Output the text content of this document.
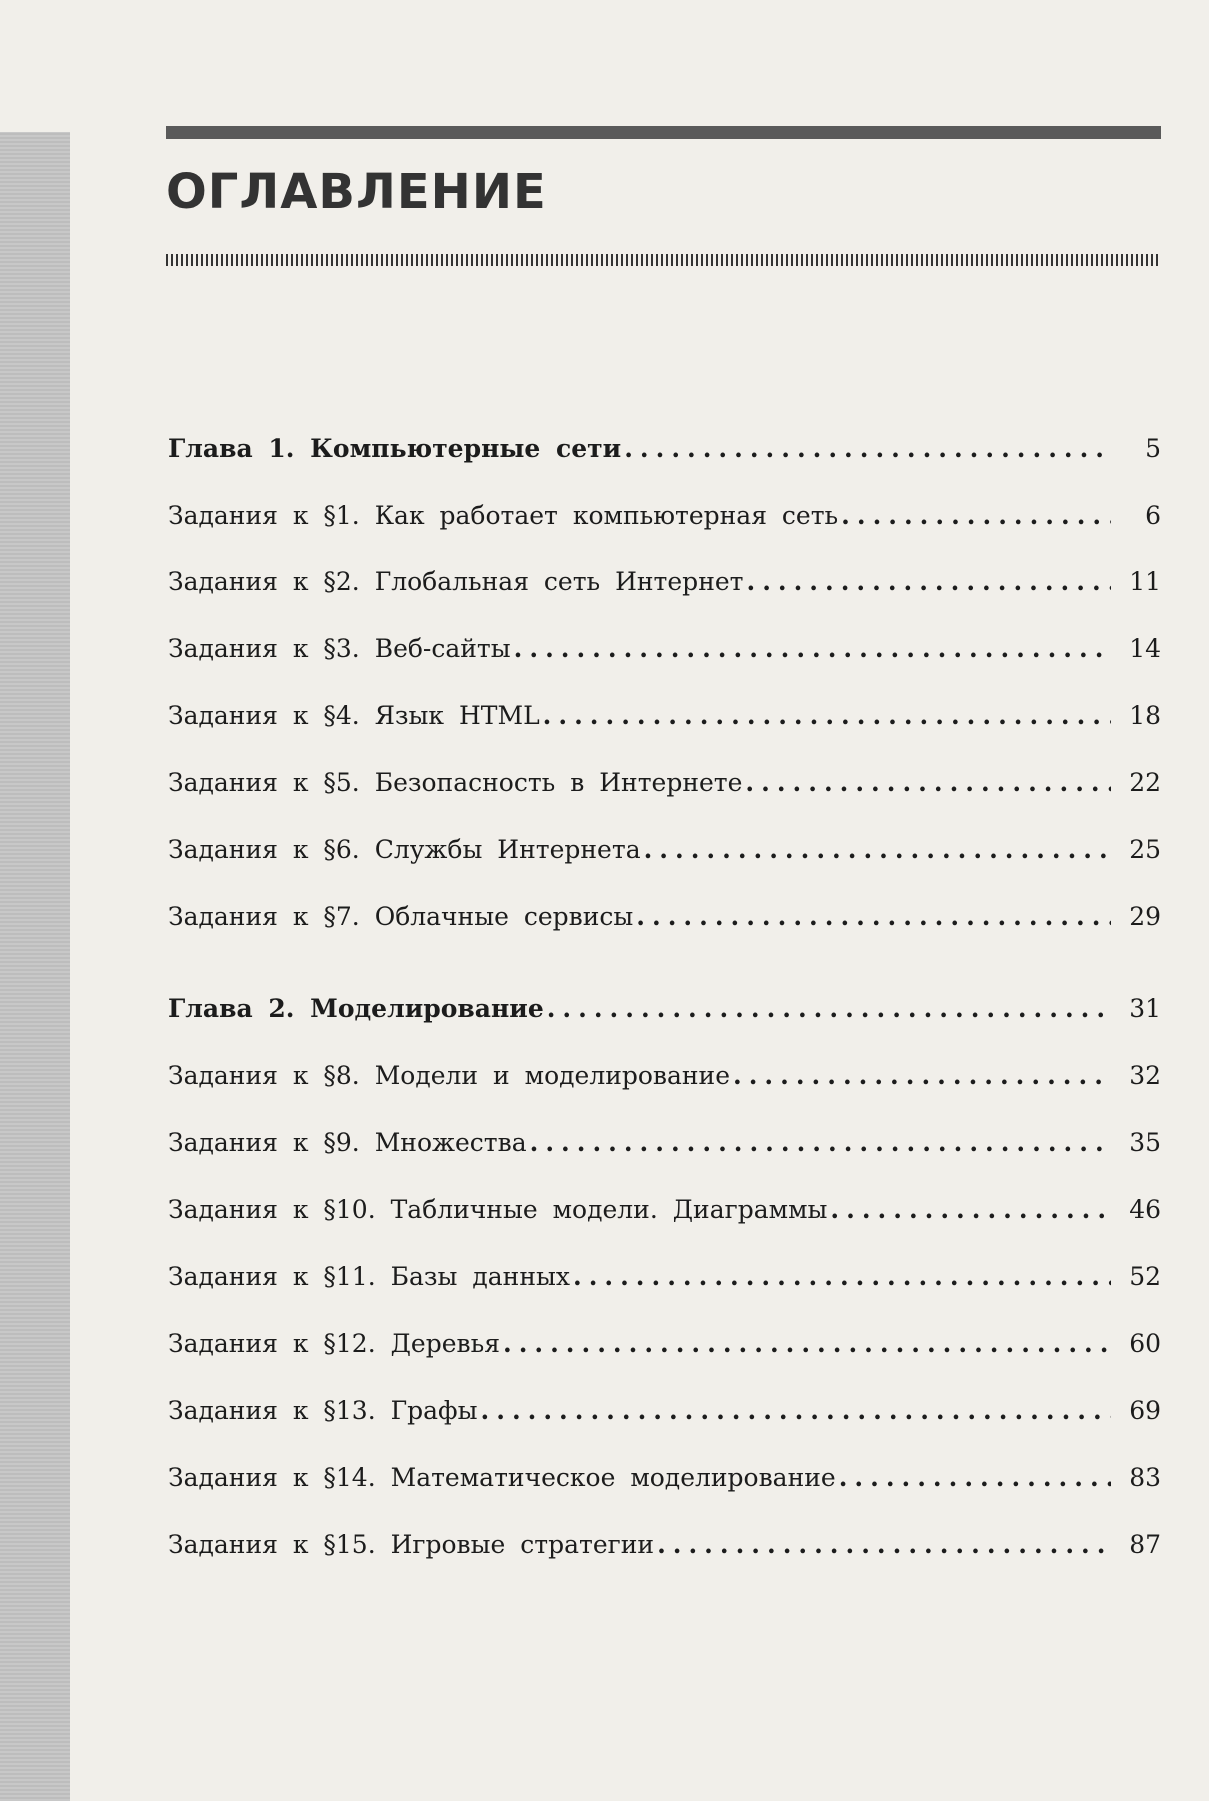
ОГЛАВЛЕНИЕ
Глава 1. Компьютерные сети .....	5
Задания к §1. Как работает компьютерная сеть .....	6
Задания к §2. Глобальная сеть Интернет .....	11
Задания к §3. Веб-сайты .....	14
Задания к §4. Язык HTML .....	18
Задания к §5. Безопасность в Интернете .....	22
Задания к §6. Службы Интернета .....	25
Задания к §7. Облачные сервисы .....	29
Глава 2. Моделирование .....	31
Задания к §8. Модели и моделирование .....	32
Задания к §9. Множества .....	35
Задания к §10. Табличные модели. Диаграммы .....	46
Задания к §11. Базы данных .....	52
Задания к §12. Деревья .....	60
Задания к §13. Графы .....	69
Задания к §14. Математическое моделирование .....	83
Задания к §15. Игровые стратегии .....	87
